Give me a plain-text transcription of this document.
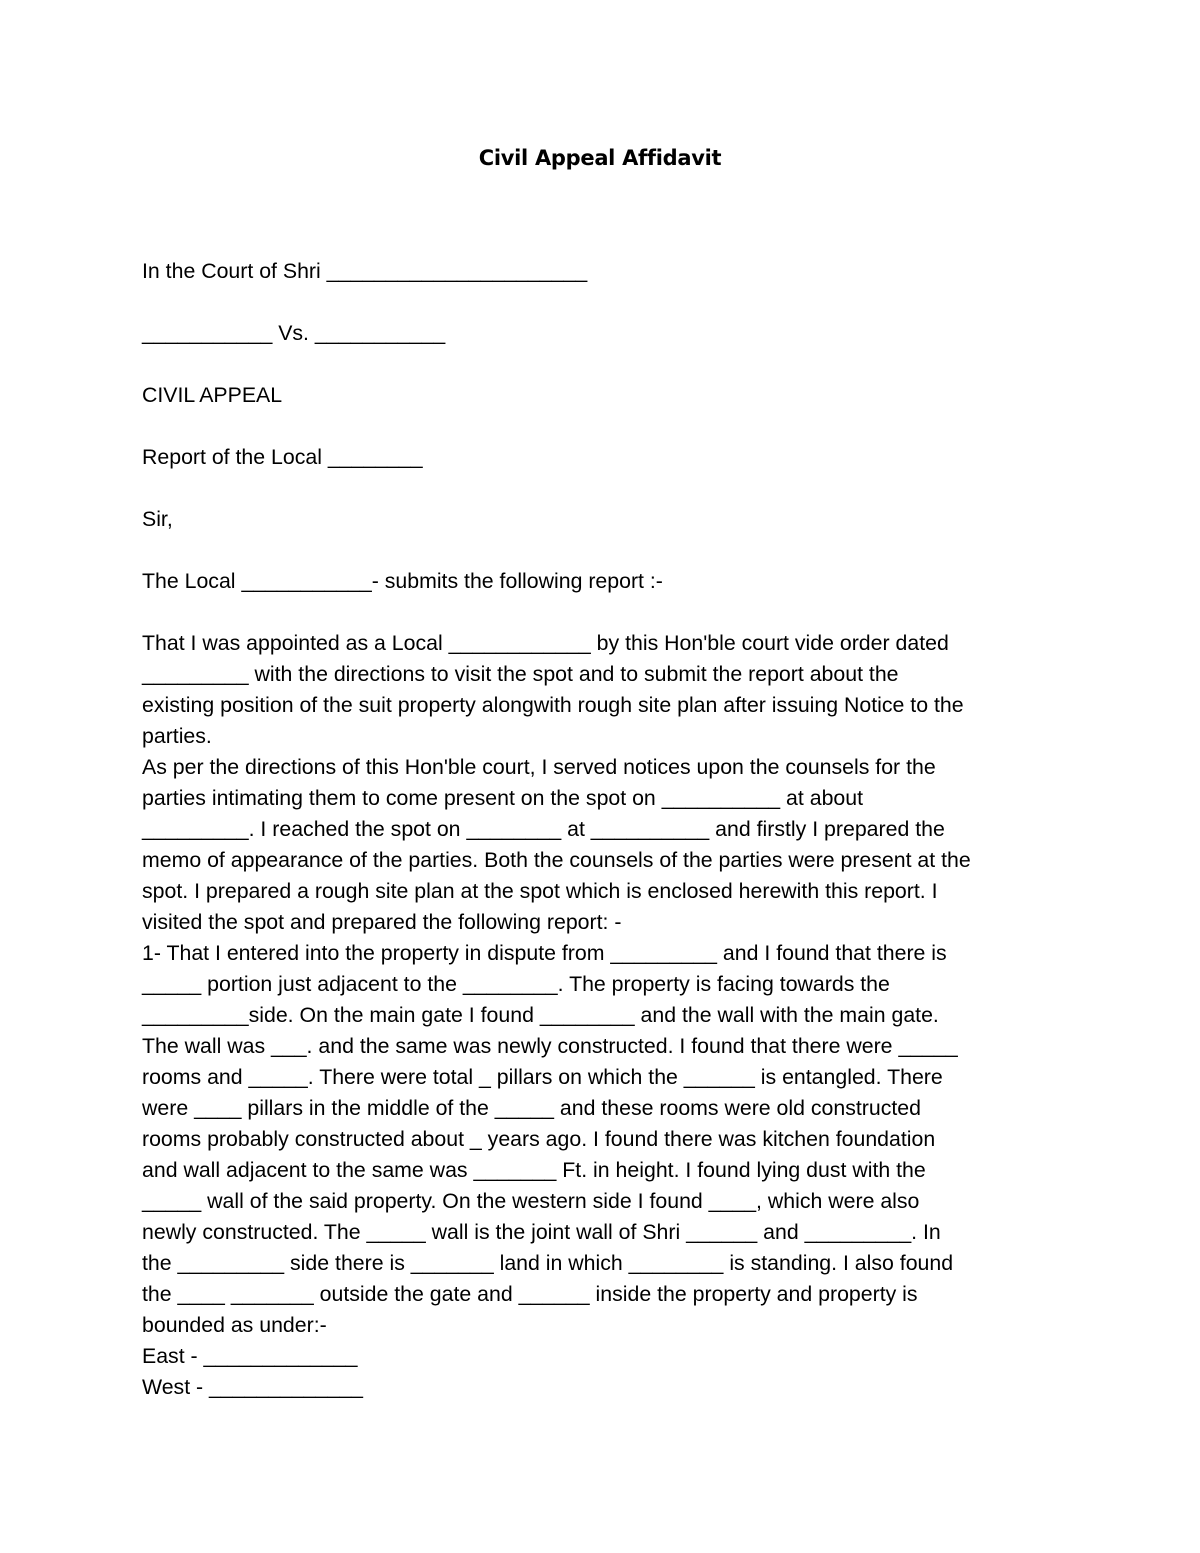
Civil Appeal Affidavit

In the Court of Shri ______________________

___________ Vs. ___________

CIVIL APPEAL

Report of the Local ________

Sir,

The Local ___________- submits the following report :-

That I was appointed as a Local ____________ by this Hon'ble court vide order dated

_________ with the directions to visit the spot and to submit the report about the

existing position of the suit property alongwith rough site plan after issuing Notice to the

parties.

As per the directions of this Hon'ble court, I served notices upon the counsels for the

parties intimating them to come present on the spot on __________ at about

_________. I reached the spot on ________ at __________ and firstly I prepared the

memo of appearance of the parties. Both the counsels of the parties were present at the

spot. I prepared a rough site plan at the spot which is enclosed herewith this report. I

visited the spot and prepared the following report: -

1- That I entered into the property in dispute from _________ and I found that there is

_____ portion just adjacent to the ________. The property is facing towards the

_________side. On the main gate I found ________ and the wall with the main gate.

The wall was ___. and the same was newly constructed. I found that there were _____

rooms and _____. There were total _ pillars on which the ______ is entangled. There

were ____ pillars in the middle of the _____ and these rooms were old constructed

rooms probably constructed about _ years ago. I found there was kitchen foundation

and wall adjacent to the same was _______ Ft. in height. I found lying dust with the

_____ wall of the said property. On the western side I found ____, which were also

newly constructed. The _____ wall is the joint wall of Shri ______ and _________. In

the _________ side there is _______ land in which ________ is standing. I also found

the ____ _______ outside the gate and ______ inside the property and property is

bounded as under:-

East - _____________

West - _____________
